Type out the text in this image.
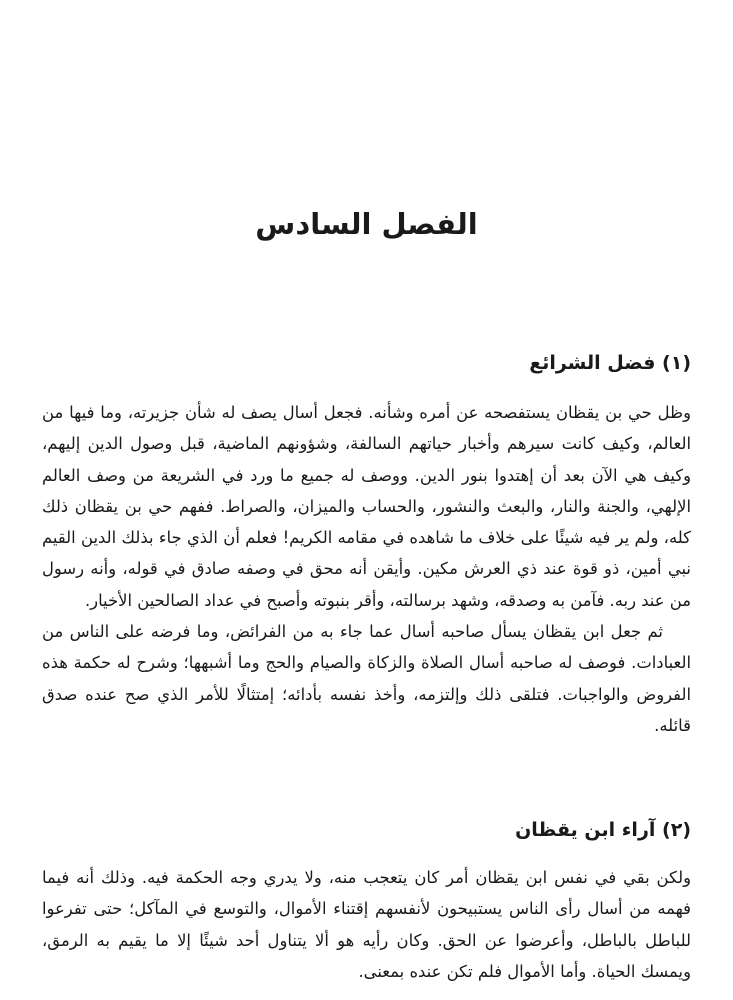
الفصل السادس
(١) فضل الشرائع

وظل حي بن يقظان يستفصحه عن أمره وشأنه. فجعل أسال يصف له شأن جزيرته، وما فيها من العالم، وكيف كانت سيرهم وأخبار حياتهم السالفة، وشؤونهم الماضية، قبل وصول الدين إليهم، وكيف هي الآن بعد أن إهتدوا بنور الدين. ووصف له جميع ما ورد في الشريعة من وصف العالم الإلهي، والجنة والنار، والبعث والنشور، والحساب والميزان، والصراط. ففهم حي بن يقظان ذلك كله، ولم ير فيه شيئًا على خلاف ما شاهده في مقامه الكريم! فعلم أن الذي جاء بذلك الدين القيم نبي أمين، ذو قوة عند ذي العرش مكين. وأيقن أنه محق في وصفه صادق في قوله، وأنه رسول من عند ربه. فآمن به وصدقه، وشهد برسالته، وأقر بنبوته وأصبح في عداد الصالحين الأخيار.

ثم جعل ابن يقظان يسأل صاحبه أسال عما جاء به من الفرائض، وما فرضه على الناس من العبادات. فوصف له صاحبه أسال الصلاة والزكاة والصيام والحج وما أشبهها؛ وشرح له حكمة هذه الفروض والواجبات. فتلقى ذلك وإلتزمه، وأخذ نفسه بأدائه؛ إمتثالًا للأمر الذي صح عنده صدق قائله.

(٢) آراء ابن يقظان

ولكن بقي في نفس ابن يقظان أمر كان يتعجب منه، ولا يدري وجه الحكمة فيه. وذلك أنه فيما فهمه من أسال رأى الناس يستبيحون لأنفسهم إقتناء الأموال، والتوسع في المآكل؛ حتى تفرعوا للباطل بالباطل، وأعرضوا عن الحق. وكان رأيه هو ألا يتناول أحد شيئًا إلا ما يقيم به الرمق، ويمسك الحياة. وأما الأموال فلم تكن عنده بمعنى.
